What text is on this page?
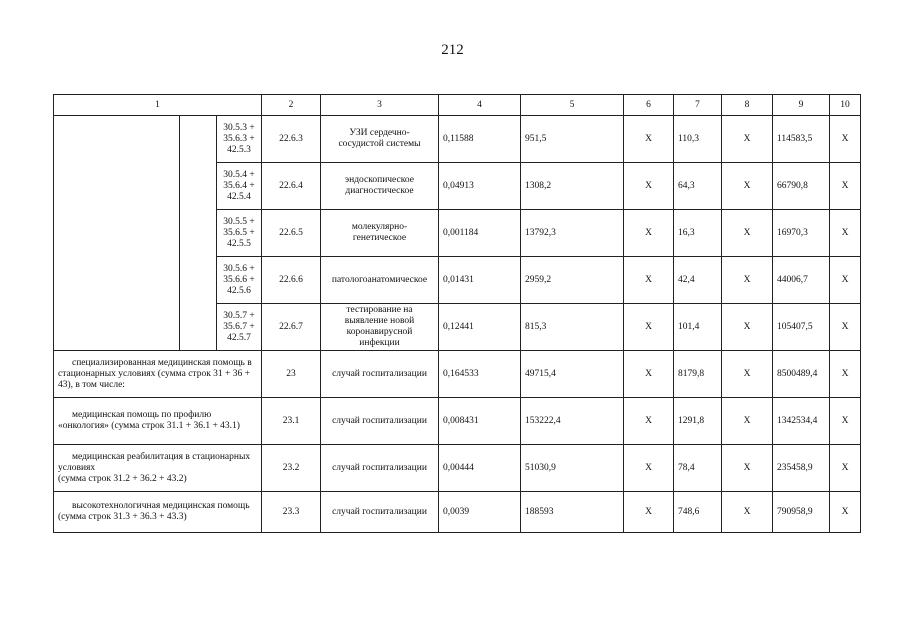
212
1			2	3	4	5	6	7	8	9	10
		30.5.3 +
35.6.3 +
42.5.3	22.6.3	УЗИ сердечно-
сосудистой системы	0,11588	951,5	X	110,3	X	114583,5	X
		30.5.4 +
35.6.4 +
42.5.4	22.6.4	эндоскопическое
диагностическое	0,04913	1308,2	X	64,3	X	66790,8	X
		30.5.5 +
35.6.5 +
42.5.5	22.6.5	молекулярно-
генетическое	0,001184	13792,3	X	16,3	X	16970,3	X
		30.5.6 +
35.6.6 +
42.5.6	22.6.6	патологоанатомическое	0,01431	2959,2	X	42,4	X	44006,7	X
		30.5.7 +
35.6.7 +
42.5.7	22.6.7	тестирование на
выявление новой
коронавирусной
инфекции	0,12441	815,3	X	101,4	X	105407,5	X
специализированная медицинская помощь в стационарных условиях (сумма строк 31 + 36 + 43), в том числе:			23	случай госпитализации	0,164533	49715,4	X	8179,8	X	8500489,4	X
медицинская помощь по профилю «онкология» (сумма строк 31.1 + 36.1 + 43.1)			23.1	случай госпитализации	0,008431	153222,4	X	1291,8	X	1342534,4	X
медицинская реабилитация в стационарных условиях
(сумма строк 31.2 + 36.2 + 43.2)			23.2	случай госпитализации	0,00444	51030,9	X	78,4	X	235458,9	X
высокотехнологичная медицинская помощь (сумма строк 31.3 + 36.3 + 43.3)			23.3	случай госпитализации	0,0039	188593	X	748,6	X	790958,9	X
